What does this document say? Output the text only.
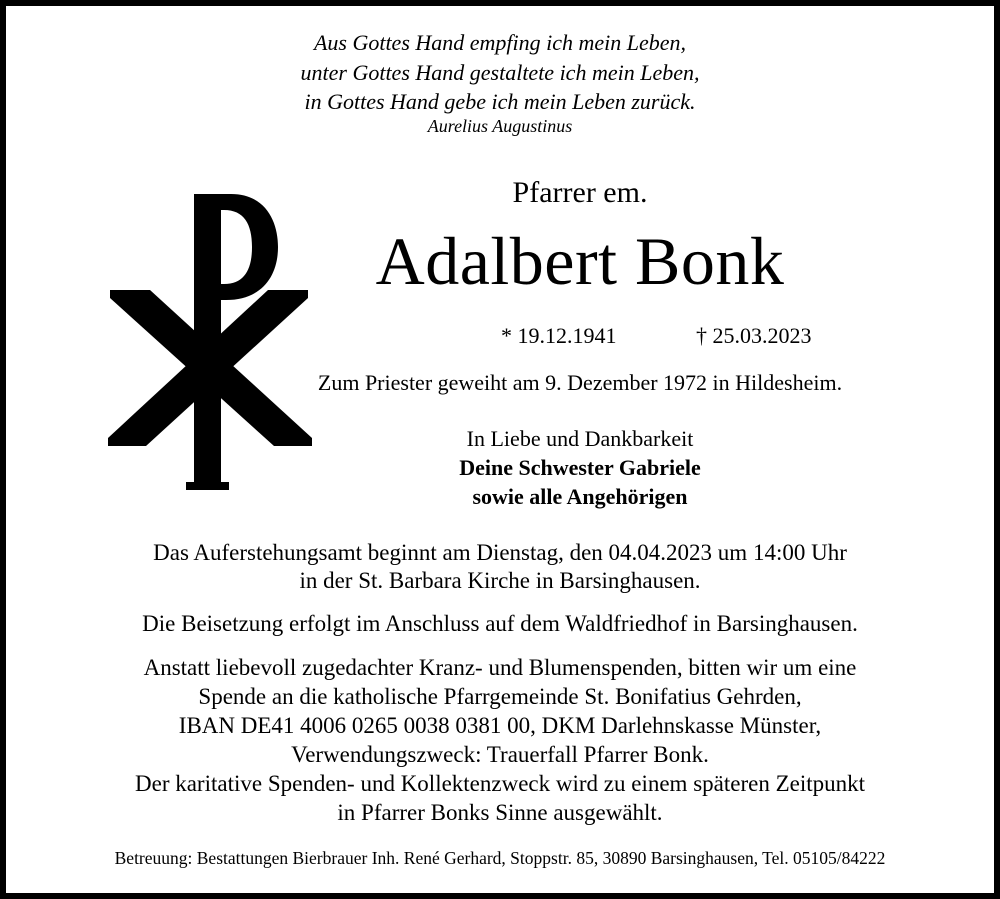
Aus Gottes Hand empfing ich mein Leben,
unter Gottes Hand gestaltete ich mein Leben,
in Gottes Hand gebe ich mein Leben zurück.
Aurelius Augustinus
Pfarrer em.
Adalbert Bonk
* 19.12.1941	† 25.03.2023
Zum Priester geweiht am 9. Dezember 1972 in Hildesheim.
In Liebe und Dankbarkeit
Deine Schwester Gabriele
sowie alle Angehörigen
Das Auferstehungsamt beginnt am Dienstag, den 04.04.2023 um 14:00 Uhr
in der St. Barbara Kirche in Barsinghausen.
Die Beisetzung erfolgt im Anschluss auf dem Waldfriedhof in Barsinghausen.
Anstatt liebevoll zugedachter Kranz- und Blumenspenden, bitten wir um eine
Spende an die katholische Pfarrgemeinde St. Bonifatius Gehrden,
IBAN DE41 4006 0265 0038 0381 00, DKM Darlehnskasse Münster,
Verwendungszweck: Trauerfall Pfarrer Bonk.
Der karitative Spenden- und Kollektenzweck wird zu einem späteren Zeitpunkt
in Pfarrer Bonks Sinne ausgewählt.
Betreuung: Bestattungen Bierbrauer Inh. René Gerhard, Stoppstr. 85, 30890 Barsinghausen, Tel. 05105/84222
